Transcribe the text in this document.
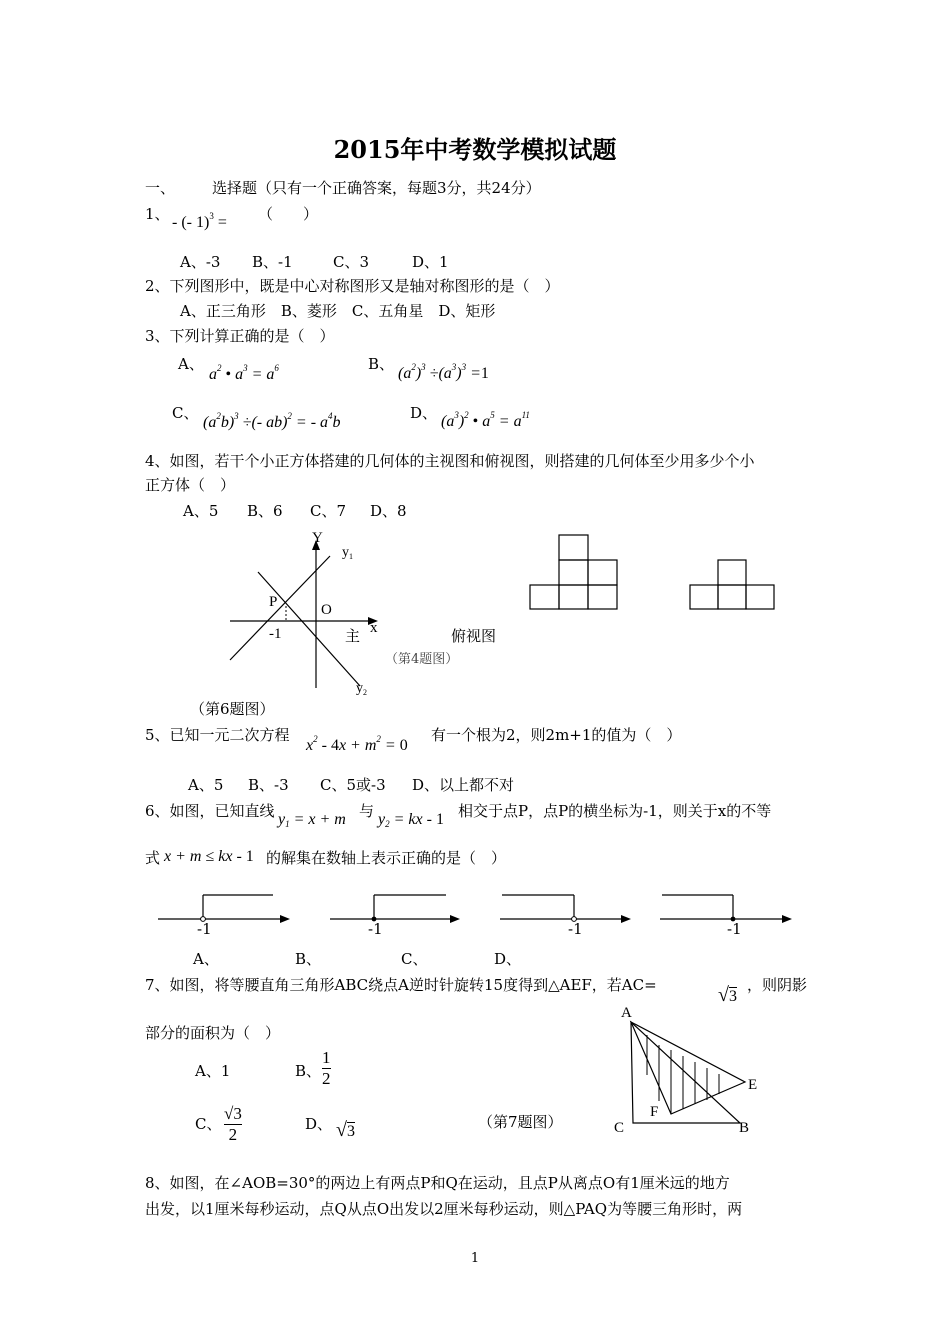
2015年中考数学模拟试题
一、 选择题（只有一个正确答案，每题3分，共24分）
1、 - (- 1)$^3$ = （　　）
A、-3 B、-1	C、3	D、1
2、下列图形中，既是中心对称图形又是轴对称图形的是（　）
A、正三角形　B、菱形　C、五角星　D、矩形
3、下列计算正确的是（　）
A、
$a^2$ • $a^3 = a^6$	B、
$(a^2)^3 \div(a^3)^3 =1$
C、
$(a^2b)^3$ ÷(- ab)$^2$ = - $a^4b$
D、 $(a^3)^2$ • $a^5 = a^{11}$
4、如图，若干个小正方体搭建的几何体的主视图和俯视图，则搭建的几何体至少用多少个小
正方体（　）
A、5 B、6 C、7 D、8
Y
$y_1$
P	O
x
-1
$y_2$
主	俯视图
（第4题图）
（第6题图）
5、已知一元二次方程
$x^2 - 4x + m^2 = 0$
有一个根为2，则2m+1的值为（　）
A、5 B、-3 C、5或-3 D、以上都不对
6、如图，已知直线 $y_1 = x + m$ 与 $y_2$ = kx - 1 相交于点P，点P的横坐标为-1，则关于x的不等
式 x + m ≤ kx - 1 的解集在数轴上表示正确的是（　）
-1	-1	-1	-1
A、	B、	C、	D、
7、如图，将等腰直角三角形ABC绕点A逆时针旋转15度得到△AEF，若AC=	√3
，则阴影
部分的面积为（　）
A、1	B、 $\frac{1}{2}$
C、 $\frac{√3}{2}$	D、 √3
（第7题图）
A
E
F
C	B
8、如图，在∠AOB=30°的两边上有两点P和Q在运动，且点P从离点O有1厘米远的地方
出发，以1厘米每秒运动，点Q从点O出发以2厘米每秒运动，则△PAQ为等腰三角形时，两
1
